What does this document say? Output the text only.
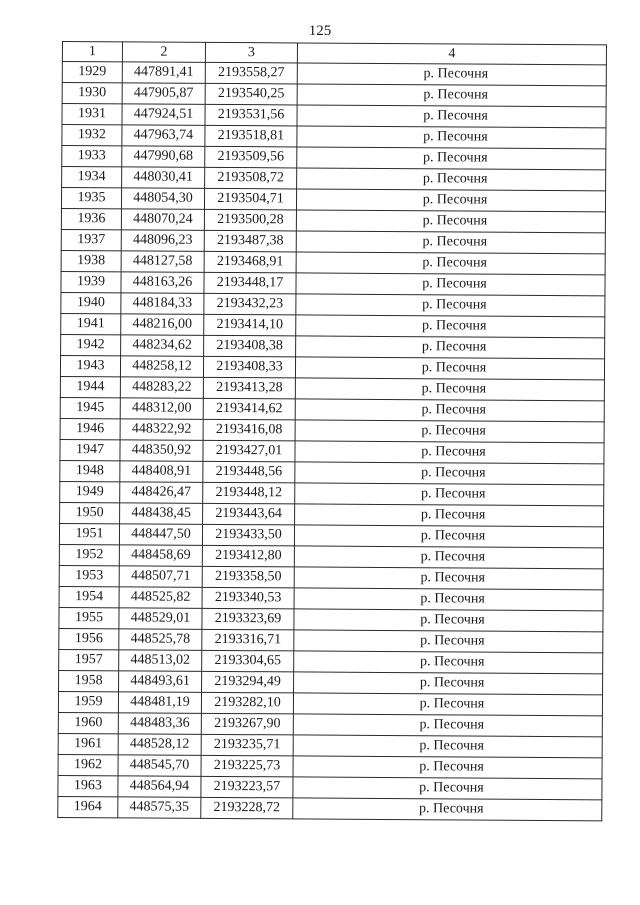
125
1	2	3	4
1929	447891,41	2193558,27	р. Песочня
1930	447905,87	2193540,25	р. Песочня
1931	447924,51	2193531,56	р. Песочня
1932	447963,74	2193518,81	р. Песочня
1933	447990,68	2193509,56	р. Песочня
1934	448030,41	2193508,72	р. Песочня
1935	448054,30	2193504,71	р. Песочня
1936	448070,24	2193500,28	р. Песочня
1937	448096,23	2193487,38	р. Песочня
1938	448127,58	2193468,91	р. Песочня
1939	448163,26	2193448,17	р. Песочня
1940	448184,33	2193432,23	р. Песочня
1941	448216,00	2193414,10	р. Песочня
1942	448234,62	2193408,38	р. Песочня
1943	448258,12	2193408,33	р. Песочня
1944	448283,22	2193413,28	р. Песочня
1945	448312,00	2193414,62	р. Песочня
1946	448322,92	2193416,08	р. Песочня
1947	448350,92	2193427,01	р. Песочня
1948	448408,91	2193448,56	р. Песочня
1949	448426,47	2193448,12	р. Песочня
1950	448438,45	2193443,64	р. Песочня
1951	448447,50	2193433,50	р. Песочня
1952	448458,69	2193412,80	р. Песочня
1953	448507,71	2193358,50	р. Песочня
1954	448525,82	2193340,53	р. Песочня
1955	448529,01	2193323,69	р. Песочня
1956	448525,78	2193316,71	р. Песочня
1957	448513,02	2193304,65	р. Песочня
1958	448493,61	2193294,49	р. Песочня
1959	448481,19	2193282,10	р. Песочня
1960	448483,36	2193267,90	р. Песочня
1961	448528,12	2193235,71	р. Песочня
1962	448545,70	2193225,73	р. Песочня
1963	448564,94	2193223,57	р. Песочня
1964	448575,35	2193228,72	р. Песочня
